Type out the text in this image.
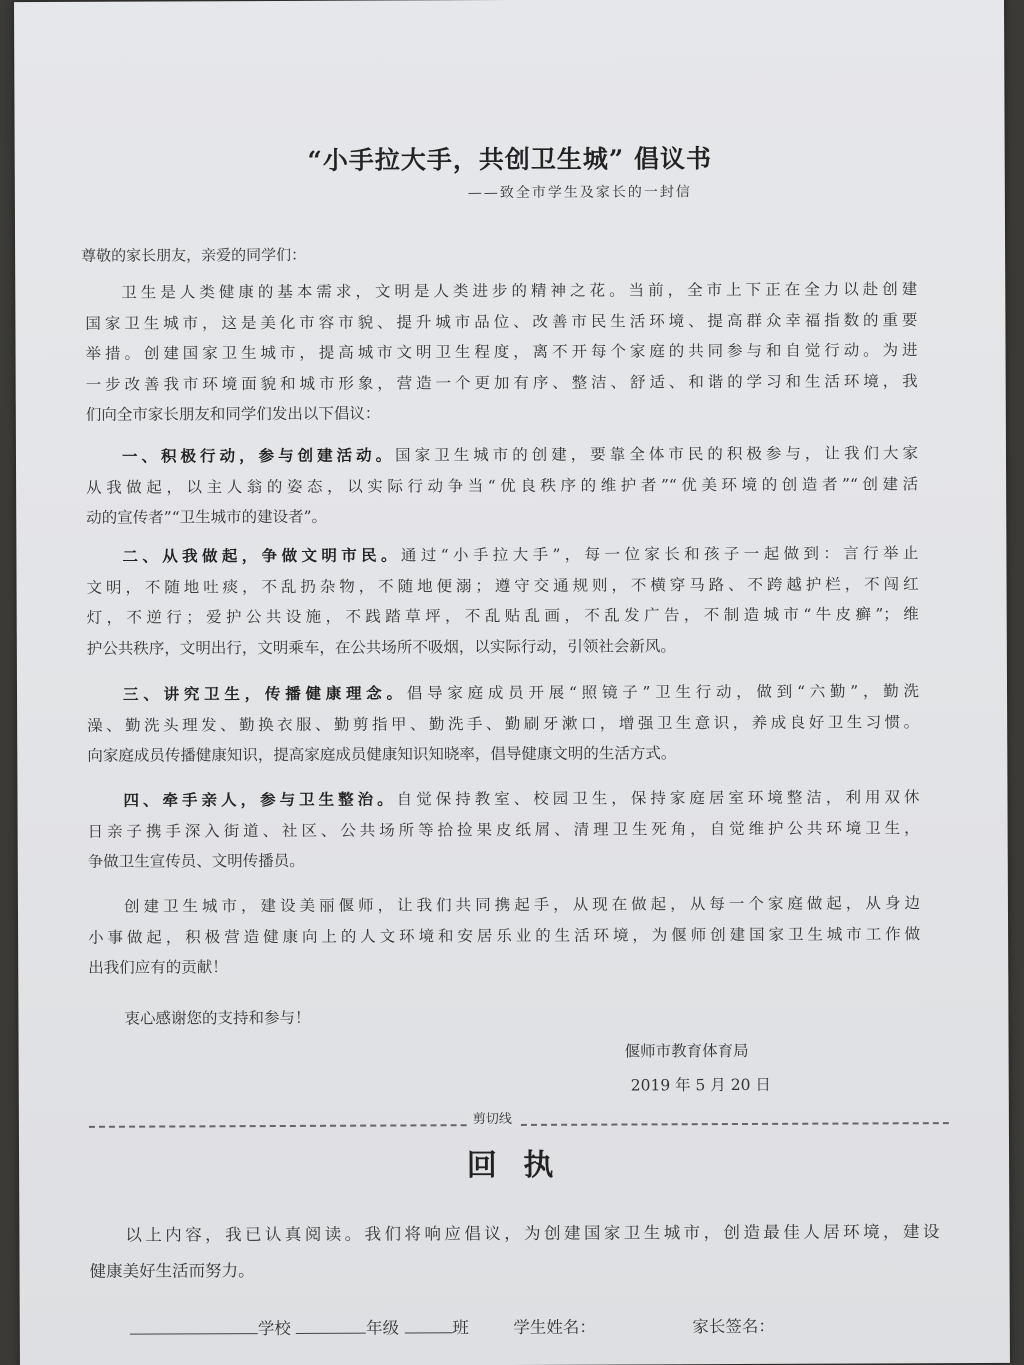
“小手拉大手，共创卫生城” 倡议书
——致全市学生及家长的一封信
尊敬的家长朋友，亲爱的同学们：
卫生是人类健康的基本需求，文明是人类进步的精神之花。当前，全市上下正在全力以赴创建
国家卫生城市，这是美化市容市貌、提升城市品位、改善市民生活环境、提高群众幸福指数的重要
举措。创建国家卫生城市，提高城市文明卫生程度，离不开每个家庭的共同参与和自觉行动。为进
一步改善我市环境面貌和城市形象，营造一个更加有序、整洁、舒适、和谐的学习和生活环境，我
们向全市家长朋友和同学们发出以下倡议：
一、积极行动，参与创建活动。国家卫生城市的创建，要靠全体市民的积极参与，让我们大家
从我做起，以主人翁的姿态，以实际行动争当“优良秩序的维护者”“优美环境的创造者”“创建活
动的宣传者”“卫生城市的建设者”。
二、从我做起，争做文明市民。通过“小手拉大手”，每一位家长和孩子一起做到：言行举止
文明，不随地吐痰，不乱扔杂物，不随地便溺；遵守交通规则，不横穿马路、不跨越护栏，不闯红
灯，不逆行；爱护公共设施，不践踏草坪，不乱贴乱画，不乱发广告，不制造城市“牛皮癣”；维
护公共秩序，文明出行，文明乘车，在公共场所不吸烟，以实际行动，引领社会新风。
三、讲究卫生，传播健康理念。倡导家庭成员开展“照镜子”卫生行动，做到“六勤”，勤洗
澡、勤洗头理发、勤换衣服、勤剪指甲、勤洗手、勤刷牙漱口，增强卫生意识，养成良好卫生习惯。
向家庭成员传播健康知识，提高家庭成员健康知识知晓率，倡导健康文明的生活方式。
四、牵手亲人，参与卫生整治。自觉保持教室、校园卫生，保持家庭居室环境整洁，利用双休
日亲子携手深入街道、社区、公共场所等拾捡果皮纸屑、清理卫生死角，自觉维护公共环境卫生，
争做卫生宣传员、文明传播员。
创建卫生城市，建设美丽偃师，让我们共同携起手，从现在做起，从每一个家庭做起，从身边
小事做起，积极营造健康向上的人文环境和安居乐业的生活环境，为偃师创建国家卫生城市工作做
出我们应有的贡献！
衷心感谢您的支持和参与！
偃师市教育体育局
2019 年 5 月 20 日
剪切线
回 执
以上内容，我已认真阅读。我们将响应倡议，为创建国家卫生城市，创造最佳人居环境，建设
健康美好生活而努力。
学校	年级	班	学生姓名：	家长签名：
